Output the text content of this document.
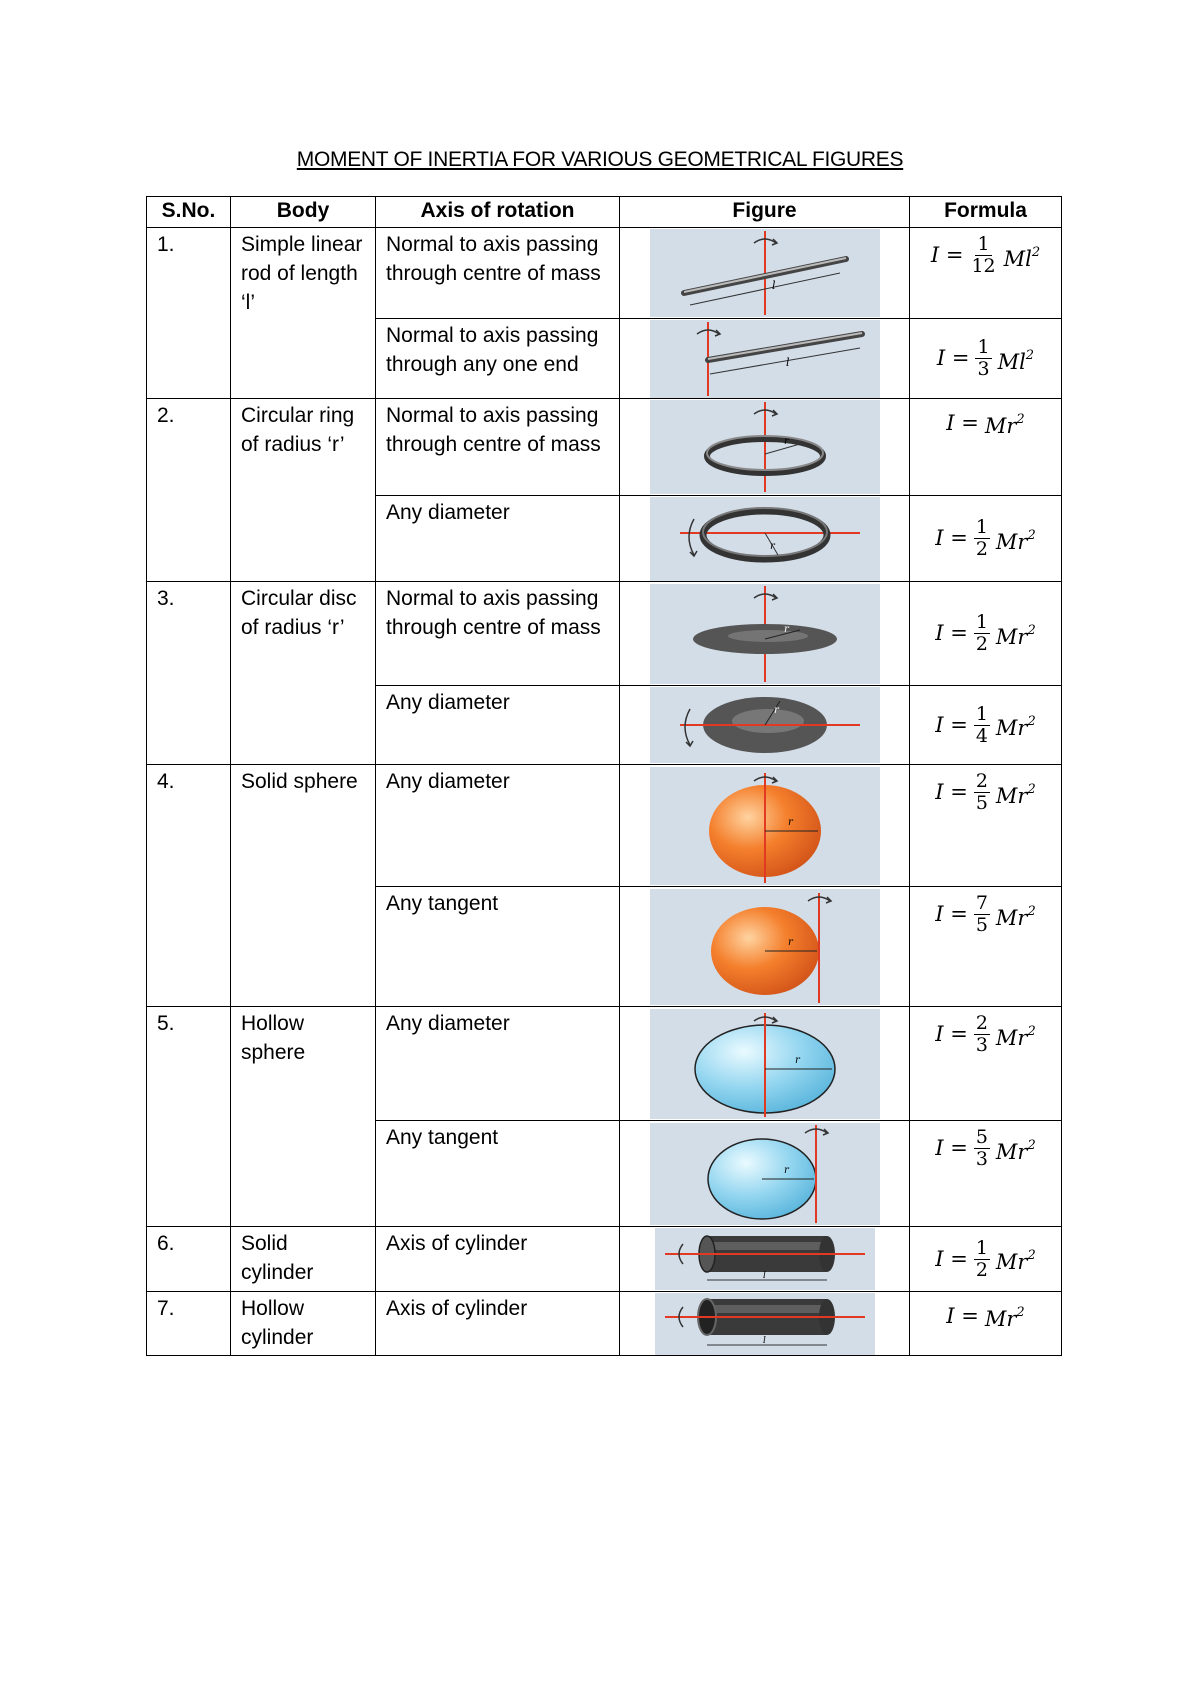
MOMENT OF INERTIA FOR VARIOUS GEOMETRICAL FIGURES
S.No.	Body	Axis of rotation	Figure	Formula
1.	Simple linear rod of length ‘l’	Normal to axis passing through centre of mass	l	$I = \frac{1}{12} Ml^2$

		Normal to axis passing through any one end	l	$I = \frac{1}{3} Ml^2$

2.	Circular ring of radius ‘r’	Normal to axis passing through centre of mass	r	$I = Mr^2$

		Any diameter	r	$I = \frac{1}{2} Mr^2$

3.	Circular disc of radius ‘r’	Normal to axis passing through centre of mass	r	$I = \frac{1}{2} Mr^2$

		Any diameter	r	$I = \frac{1}{4} Mr^2$

4.	Solid sphere	Any diameter	r	$I = \frac{2}{5} Mr^2$

		Any tangent	r	$I = \frac{7}{5} Mr^2$

5.	Hollow sphere	Any diameter	r	$I = \frac{2}{3} Mr^2$

		Any tangent	r	$I = \frac{5}{3} Mr^2$

6.	Solid cylinder	Axis of cylinder	l	$I = \frac{1}{2} Mr^2$

7.	Hollow cylinder	Axis of cylinder	l	$I = Mr^2$
